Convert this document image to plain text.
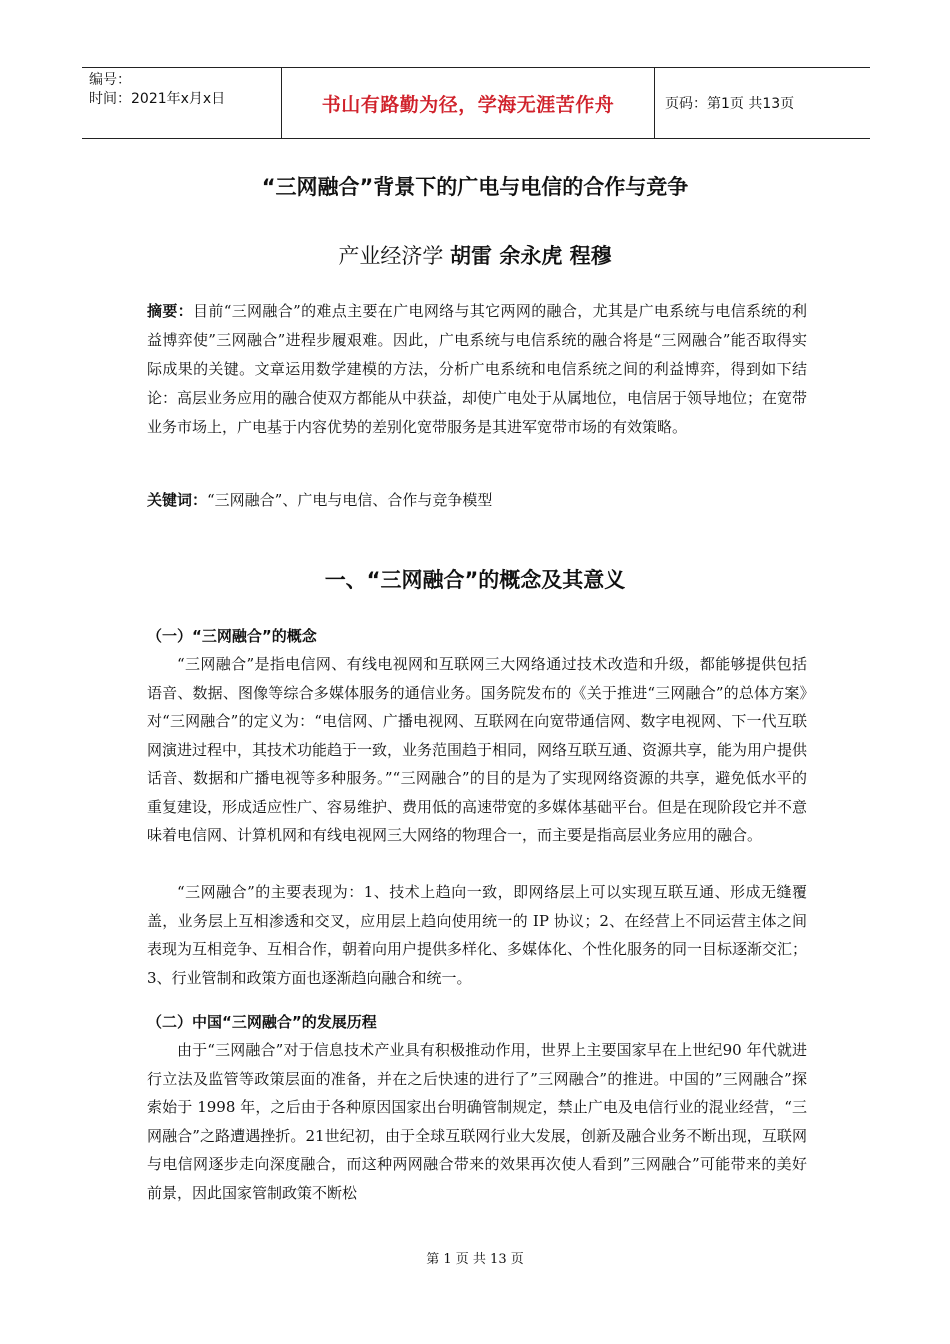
编号：
时间：2021年x月x日	书山有路勤为径，学海无涯苦作舟	页码：第1页 共13页
“三网融合”背景下的广电与电信的合作与竞争
产业经济学 胡雷 余永虎 程穆
摘要：目前“三网融合”的难点主要在广电网络与其它两网的融合，尤其是广电系统与电信系统的利益博弈使”三网融合”进程步履艰难。因此，广电系统与电信系统的融合将是“三网融合”能否取得实际成果的关键。文章运用数学建模的方法，分析广电系统和电信系统之间的利益博弈，得到如下结论：高层业务应用的融合使双方都能从中获益，却使广电处于从属地位，电信居于领导地位；在宽带业务市场上，广电基于内容优势的差别化宽带服务是其进军宽带市场的有效策略。
关键词：“三网融合”、广电与电信、合作与竞争模型
一、“三网融合”的概念及其意义
（一）“三网融合”的概念

“三网融合”是指电信网、有线电视网和互联网三大网络通过技术改造和升级，都能够提供包括语音、数据、图像等综合多媒体服务的通信业务。国务院发布的《关于推进“三网融合”的总体方案》对“三网融合”的定义为：“电信网、广播电视网、互联网在向宽带通信网、数字电视网、下一代互联网演进过程中，其技术功能趋于一致，业务范围趋于相同，网络互联互通、资源共享，能为用户提供话音、数据和广播电视等多种服务。”“三网融合”的目的是为了实现网络资源的共享，避免低水平的重复建设，形成适应性广、容易维护、费用低的高速带宽的多媒体基础平台。但是在现阶段它并不意味着电信网、计算机网和有线电视网三大网络的物理合一，而主要是指高层业务应用的融合。

“三网融合”的主要表现为：1、技术上趋向一致，即网络层上可以实现互联互通、形成无缝覆盖，业务层上互相渗透和交叉，应用层上趋向使用统一的 IP 协议；2、在经营上不同运营主体之间表现为互相竞争、互相合作，朝着向用户提供多样化、多媒体化、个性化服务的同一目标逐渐交汇；3、行业管制和政策方面也逐渐趋向融合和统一。

（二）中国“三网融合”的发展历程

由于“三网融合”对于信息技术产业具有积极推动作用，世界上主要国家早在上世纪90 年代就进行立法及监管等政策层面的准备，并在之后快速的进行了”三网融合”的推进。中国的”三网融合”探索始于 1998 年，之后由于各种原因国家出台明确管制规定，禁止广电及电信行业的混业经营，“三网融合”之路遭遇挫折。21世纪初，由于全球互联网行业大发展，创新及融合业务不断出现，互联网与电信网逐步走向深度融合，而这种两网融合带来的效果再次使人看到”三网融合”可能带来的美好前景，因此国家管制政策不断松

第 1 页 共 13 页
